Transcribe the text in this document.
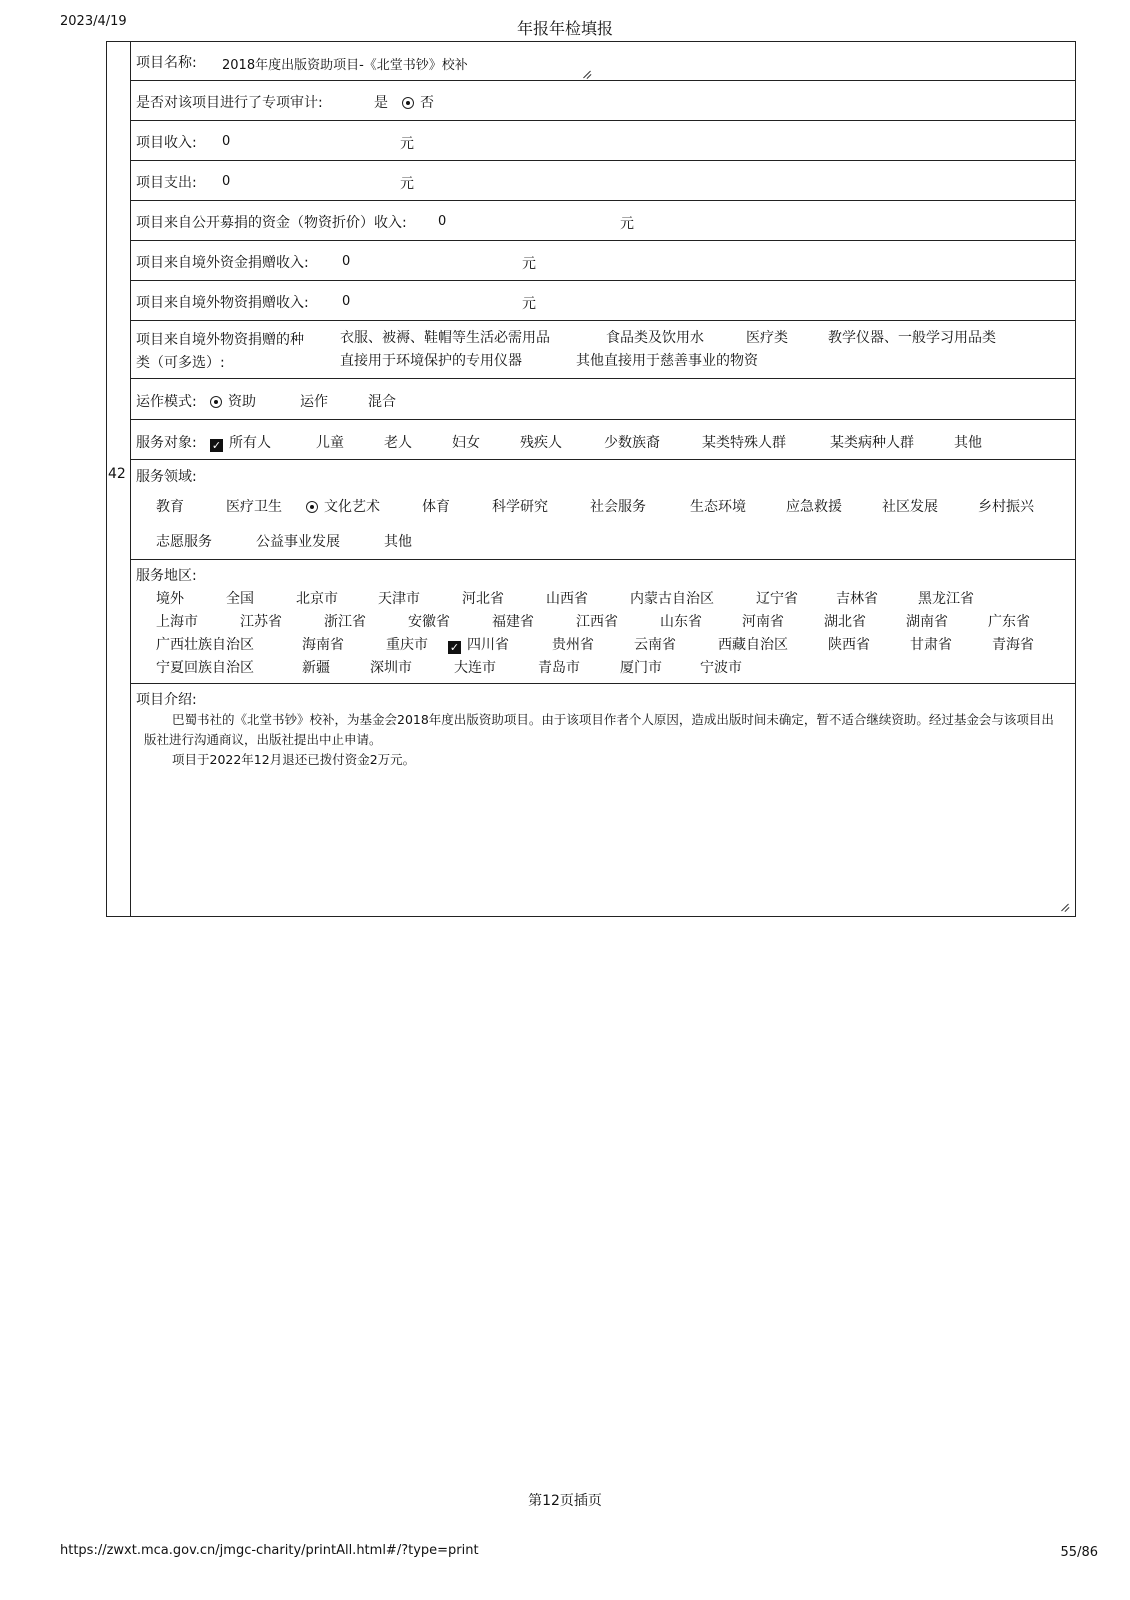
2023/4/19	年报年检填报
42
项目名称: 2018年度出版资助项目-《北堂书钞》校补
是否对该项目进行了专项审计:	是	否
项目收入: 0	元
项目支出: 0	元
项目来自公开募捐的资金（物资折价）收入: 0	元
项目来自境外资金捐赠收入:	0	元
项目来自境外物资捐赠收入:	0	元
项目来自境外物资捐赠的种
类（可多选）:
衣服、被褥、鞋帽等生活必需用品	食品类及饮用水	医疗类	教学仪器、一般学习用品类
直接用于环境保护的专用仪器	其他直接用于慈善事业的物资
运作模式:	资助	运作	混合
服务对象: ✓ 所有人	儿童	老人	妇女	残疾人	少数族裔	某类特殊人群	某类病种人群	其他
服务领域:
教育	医疗卫生	文化艺术	体育	科学研究	社会服务	生态环境	应急救援	社区发展	乡村振兴
志愿服务	公益事业发展	其他
服务地区:
境外	全国	北京市	天津市	河北省	山西省	内蒙古自治区	辽宁省	吉林省	黑龙江省
上海市	江苏省	浙江省	安徽省	福建省	江西省	山东省	河南省	湖北省	湖南省	广东省
广西壮族自治区	海南省	重庆市 ✓ 四川省	贵州省	云南省	西藏自治区	陕西省	甘肃省	青海省
宁夏回族自治区	新疆	深圳市	大连市	青岛市	厦门市	宁波市
项目介绍:

巴蜀书社的《北堂书钞》校补，为基金会2018年度出版资助项目。由于该项目作者个人原因，造成出版时间未确定，暂不适合继续资助。经过基金会与该项目出版社进行沟通商议，出版社提出中止申请。

项目于2022年12月退还已拨付资金2万元。

第12页插页
https://zwxt.mca.gov.cn/jmgc-charity/printAll.html#/?type=print	55/86
